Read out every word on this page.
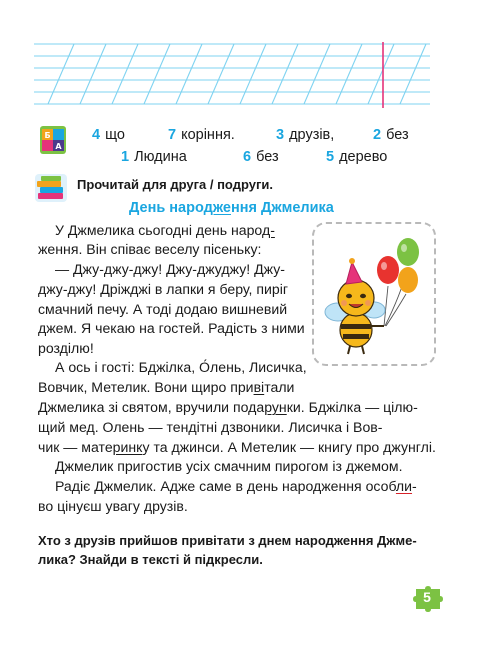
Б
А
4 що	7 коріння.	3 друзів,	2 без
1 Людина	6 без	5 дерево
Прочитай для друга / подруги.
День народження Джмелика
У Джмелика сьогодні день народ-
ження. Він співає веселу пісеньку:
— Джу-джу-джу! Джу-джуджу! Джу-
джу-джу! Дріжджі в лапки я беру, пиріг
смачний печу. А тоді додаю вишневий
джем. Я чекаю на гостей. Радість з ними
розділю!
А ось і гості: Бджілка, О́лень, Лисичка,
Вовчик, Метелик. Вони щиро привітали
Джмелика зі святом, вручили подарунки. Бджілка — цілю-
щий мед. Олень — тендітні дзвоники. Лисичка і Вов-
чик — материнку та джинси. А Метелик — книгу про джунглі.
Джмелик пригостив усіх смачним пирогом із джемом.
Радіє Джмелик. Адже саме в день народження особли-
во цінуєш увагу друзів.
Хто з друзів прийшов привітати з днем народження Джме-
лика? Знайди в тексті й підкресли.
5
